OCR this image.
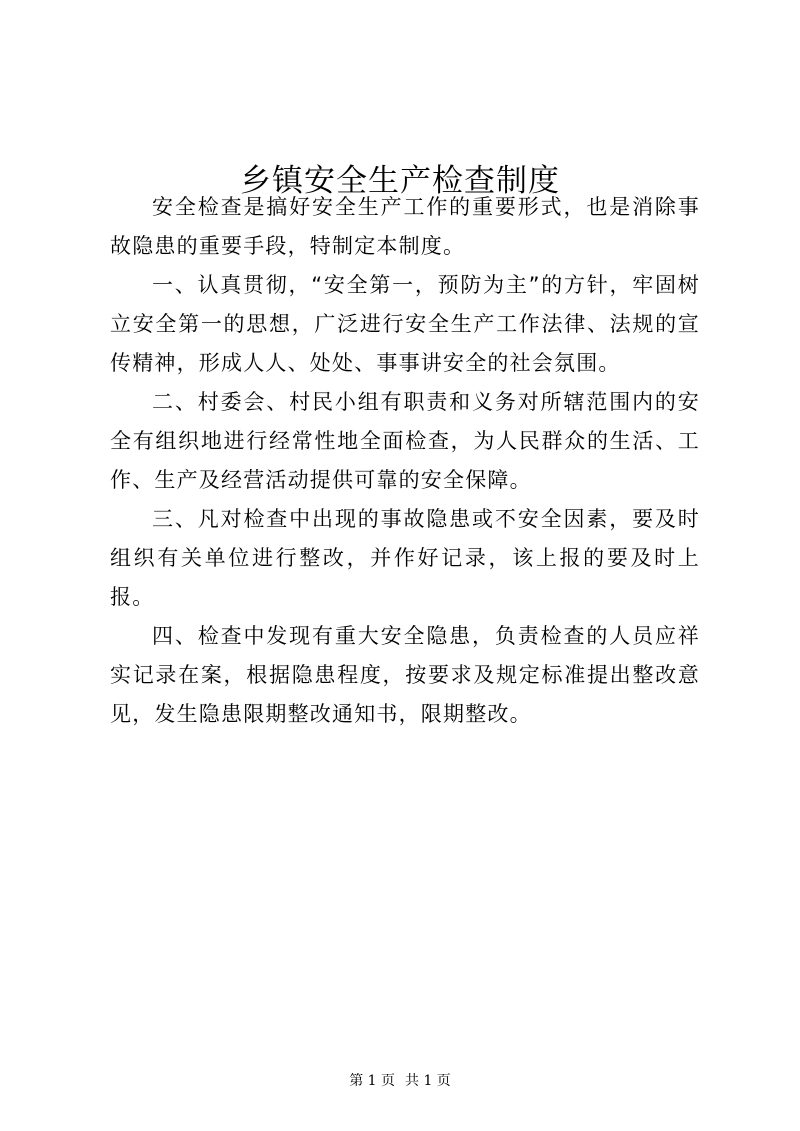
乡镇安全生产检查制度

安全检查是搞好安全生产工作的重要形式，也是消除事故隐患的重要手段，特制定本制度。

一、认真贯彻，“安全第一，预防为主”的方针，牢固树立安全第一的思想，广泛进行安全生产工作法律、法规的宣传精神，形成人人、处处、事事讲安全的社会氛围。

二、村委会、村民小组有职责和义务对所辖范围内的安全有组织地进行经常性地全面检查，为人民群众的生活、工作、生产及经营活动提供可靠的安全保障。

三、凡对检查中出现的事故隐患或不安全因素，要及时组织有关单位进行整改，并作好记录，该上报的要及时上报。

四、检查中发现有重大安全隐患，负责检查的人员应祥实记录在案，根据隐患程度，按要求及规定标准提出整改意见，发生隐患限期整改通知书，限期整改。

第 1 页 共 1 页
